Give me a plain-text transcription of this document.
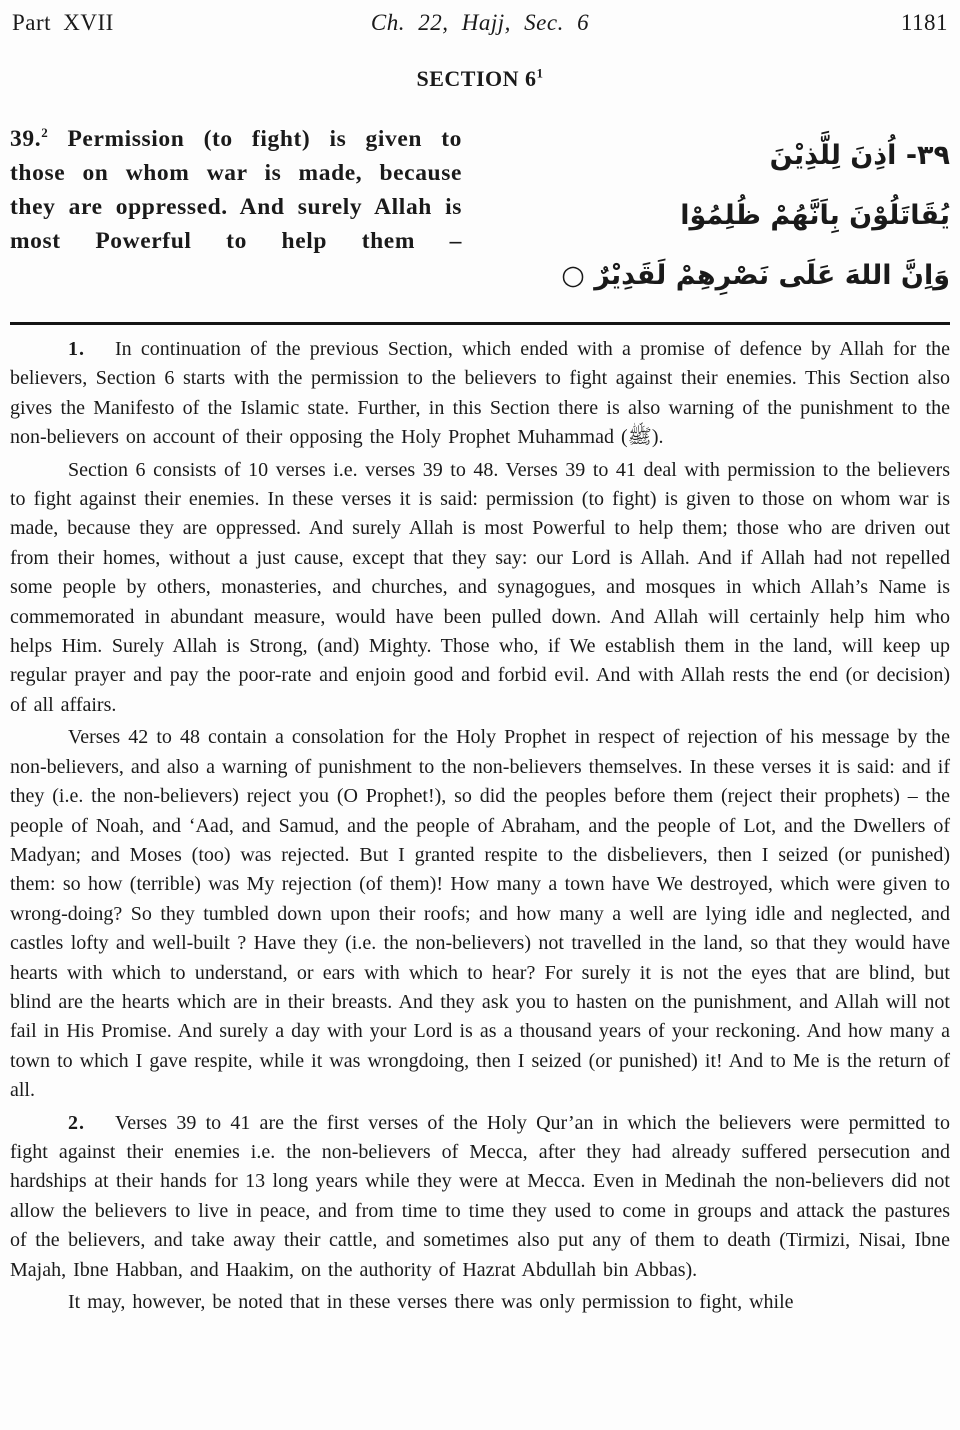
Part XVII	Ch. 22, Hajj, Sec. 6	1181
SECTION $6^1$
39.$^2$ Permission (to fight) is given to those on whom war is made, because they are oppressed. And surely Allah is most Powerful to help them –
٣٩- اُذِنَ لِلَّذِيْنَ
يُقَاتَلُوْنَ بِاَنَّهُمْ ظُلِمُوْا
وَاِنَّ اللهَ عَلَى نَصْرِهِمْ لَقَدِيْرٌ ○

1. In continuation of the previous Section, which ended with a promise of defence by Allah for the believers, Section 6 starts with the permission to the believers to fight against their enemies. This Section also gives the Manifesto of the Islamic state. Further, in this Section there is also warning of the punishment to the non-believers on account of their opposing the Holy Prophet Muhammad (ﷺ).

Section 6 consists of 10 verses i.e. verses 39 to 48. Verses 39 to 41 deal with permission to the believers to fight against their enemies. In these verses it is said: permission (to fight) is given to those on whom war is made, because they are oppressed. And surely Allah is most Powerful to help them; those who are driven out from their homes, without a just cause, except that they say: our Lord is Allah. And if Allah had not repelled some people by others, monasteries, and churches, and synagogues, and mosques in which Allah’s Name is commemorated in abundant measure, would have been pulled down. And Allah will certainly help him who helps Him. Surely Allah is Strong, (and) Mighty. Those who, if We establish them in the land, will keep up regular prayer and pay the poor-rate and enjoin good and forbid evil. And with Allah rests the end (or decision) of all affairs.

Verses 42 to 48 contain a consolation for the Holy Prophet in respect of rejection of his message by the non-believers, and also a warning of punishment to the non-believers themselves. In these verses it is said: and if they (i.e. the non-believers) reject you (O Prophet!), so did the peoples before them (reject their prophets) – the people of Noah, and ‘Aad, and Samud, and the people of Abraham, and the people of Lot, and the Dwellers of Madyan; and Moses (too) was rejected. But I granted respite to the disbelievers, then I seized (or punished) them: so how (terrible) was My rejection (of them)! How many a town have We destroyed, which were given to wrong-doing? So they tumbled down upon their roofs; and how many a well are lying idle and neglected, and castles lofty and well-built ? Have they (i.e. the non-believers) not travelled in the land, so that they would have hearts with which to understand, or ears with which to hear? For surely it is not the eyes that are blind, but blind are the hearts which are in their breasts. And they ask you to hasten on the punishment, and Allah will not fail in His Promise. And surely a day with your Lord is as a thousand years of your reckoning. And how many a town to which I gave respite, while it was wrongdoing, then I seized (or punished) it! And to Me is the return of all.

2. Verses 39 to 41 are the first verses of the Holy Qur’an in which the believers were permitted to fight against their enemies i.e. the non-believers of Mecca, after they had already suffered persecution and hardships at their hands for 13 long years while they were at Mecca. Even in Medinah the non-believers did not allow the believers to live in peace, and from time to time they used to come in groups and attack the pastures of the believers, and take away their cattle, and sometimes also put any of them to death (Tirmizi, Nisai, Ibne Majah, Ibne Habban, and Haakim, on the authority of Hazrat Abdullah bin Abbas).

It may, however, be noted that in these verses there was only permission to fight, while
